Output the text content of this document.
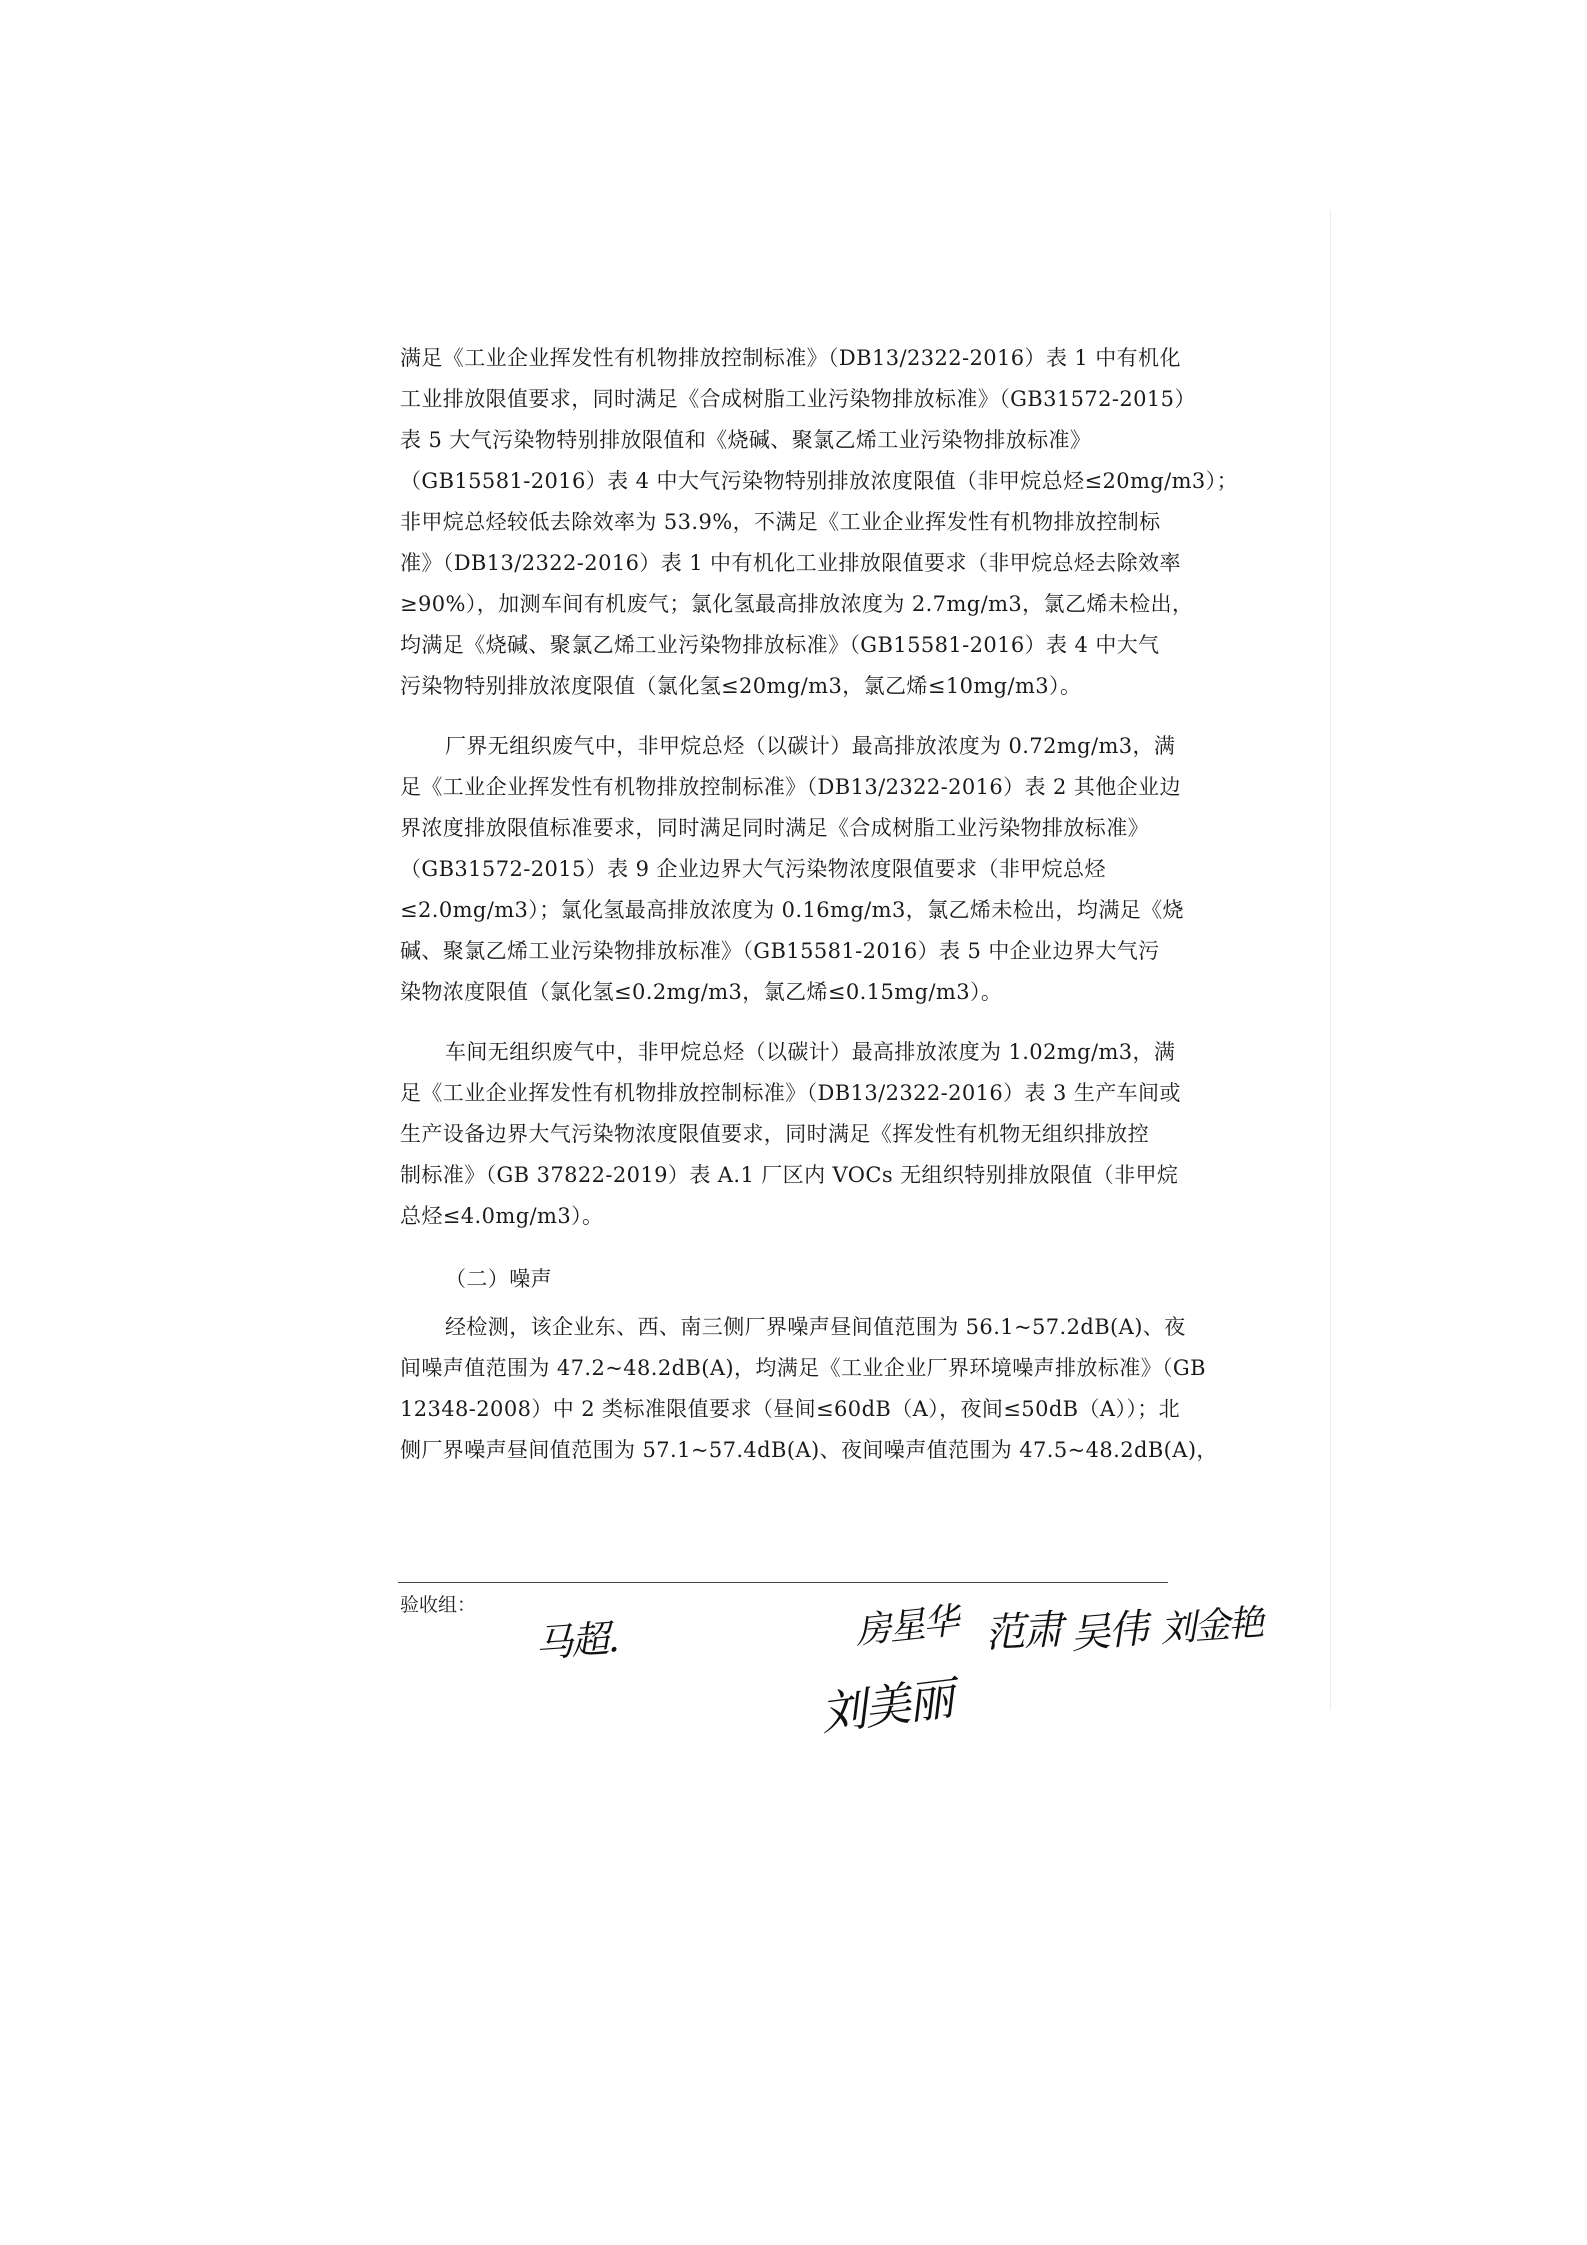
满足《工业企业挥发性有机物排放控制标准》（DB13/2322-2016）表 1 中有机化
工业排放限值要求，同时满足《合成树脂工业污染物排放标准》（GB31572-2015）
表 5 大气污染物特别排放限值和《烧碱、聚氯乙烯工业污染物排放标准》
（GB15581-2016）表 4 中大气污染物特别排放浓度限值（非甲烷总烃≤20mg/m3）；
非甲烷总烃较低去除效率为 53.9%，不满足《工业企业挥发性有机物排放控制标
准》（DB13/2322-2016）表 1 中有机化工业排放限值要求（非甲烷总烃去除效率
≥90%），加测车间有机废气；氯化氢最高排放浓度为 2.7mg/m3，氯乙烯未检出，
均满足《烧碱、聚氯乙烯工业污染物排放标准》（GB15581-2016）表 4 中大气
污染物特别排放浓度限值（氯化氢≤20mg/m3，氯乙烯≤10mg/m3）。
厂界无组织废气中，非甲烷总烃（以碳计）最高排放浓度为 0.72mg/m3，满
足《工业企业挥发性有机物排放控制标准》（DB13/2322-2016）表 2 其他企业边
界浓度排放限值标准要求，同时满足同时满足《合成树脂工业污染物排放标准》
（GB31572-2015）表 9 企业边界大气污染物浓度限值要求（非甲烷总烃
≤2.0mg/m3）；氯化氢最高排放浓度为 0.16mg/m3，氯乙烯未检出，均满足《烧
碱、聚氯乙烯工业污染物排放标准》（GB15581-2016）表 5 中企业边界大气污
染物浓度限值（氯化氢≤0.2mg/m3，氯乙烯≤0.15mg/m3）。
车间无组织废气中，非甲烷总烃（以碳计）最高排放浓度为 1.02mg/m3，满
足《工业企业挥发性有机物排放控制标准》（DB13/2322-2016）表 3 生产车间或
生产设备边界大气污染物浓度限值要求，同时满足《挥发性有机物无组织排放控
制标准》（GB 37822-2019）表 A.1 厂区内 VOCs 无组织特别排放限值（非甲烷
总烃≤4.0mg/m3）。
（二）噪声
经检测，该企业东、西、南三侧厂界噪声昼间值范围为 56.1~57.2dB(A)、夜
间噪声值范围为 47.2~48.2dB(A)，均满足《工业企业厂界环境噪声排放标准》（GB
12348-2008）中 2 类标准限值要求（昼间≤60dB（A），夜间≤50dB（A））；北
侧厂界噪声昼间值范围为 57.1~57.4dB(A)、夜间噪声值范围为 47.5~48.2dB(A)，
验收组：
马超.	房星华 范肃 吴伟 刘金艳
刘美丽
